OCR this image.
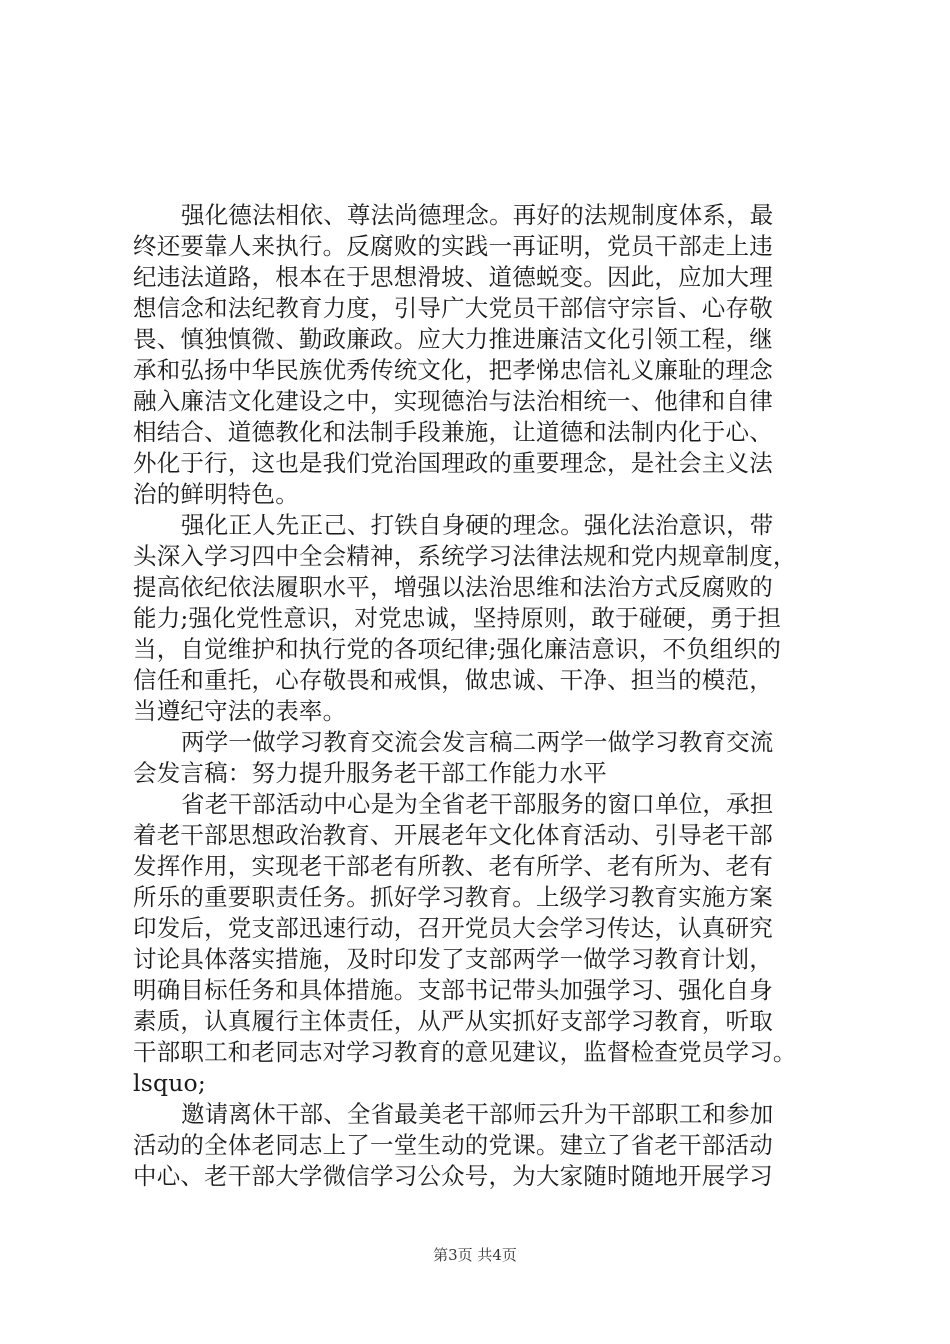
强化德法相依、尊法尚德理念。再好的法规制度体系，最
终还要靠人来执行。反腐败的实践一再证明，党员干部走上违
纪违法道路，根本在于思想滑坡、道德蜕变。因此，应加大理
想信念和法纪教育力度，引导广大党员干部信守宗旨、心存敬
畏、慎独慎微、勤政廉政。应大力推进廉洁文化引领工程，继
承和弘扬中华民族优秀传统文化，把孝悌忠信礼义廉耻的理念
融入廉洁文化建设之中，实现德治与法治相统一、他律和自律
相结合、道德教化和法制手段兼施，让道德和法制内化于心、
外化于行，这也是我们党治国理政的重要理念，是社会主义法
治的鲜明特色。
强化正人先正己、打铁自身硬的理念。强化法治意识，带
头深入学习四中全会精神，系统学习法律法规和党内规章制度，
提高依纪依法履职水平，增强以法治思维和法治方式反腐败的
能力;强化党性意识，对党忠诚，坚持原则，敢于碰硬，勇于担
当，自觉维护和执行党的各项纪律;强化廉洁意识，不负组织的
信任和重托，心存敬畏和戒惧，做忠诚、干净、担当的模范，
当遵纪守法的表率。
两学一做学习教育交流会发言稿二两学一做学习教育交流
会发言稿：努力提升服务老干部工作能力水平
省老干部活动中心是为全省老干部服务的窗口单位，承担
着老干部思想政治教育、开展老年文化体育活动、引导老干部
发挥作用，实现老干部老有所教、老有所学、老有所为、老有
所乐的重要职责任务。抓好学习教育。上级学习教育实施方案
印发后，党支部迅速行动，召开党员大会学习传达，认真研究
讨论具体落实措施，及时印发了支部两学一做学习教育计划，
明确目标任务和具体措施。支部书记带头加强学习、强化自身
素质，认真履行主体责任，从严从实抓好支部学习教育，听取
干部职工和老同志对学习教育的意见建议，监督检查党员学习。
lsquo;
邀请离休干部、全省最美老干部师云升为干部职工和参加
活动的全体老同志上了一堂生动的党课。建立了省老干部活动
中心、老干部大学微信学习公众号，为大家随时随地开展学习
第3页 共4页
